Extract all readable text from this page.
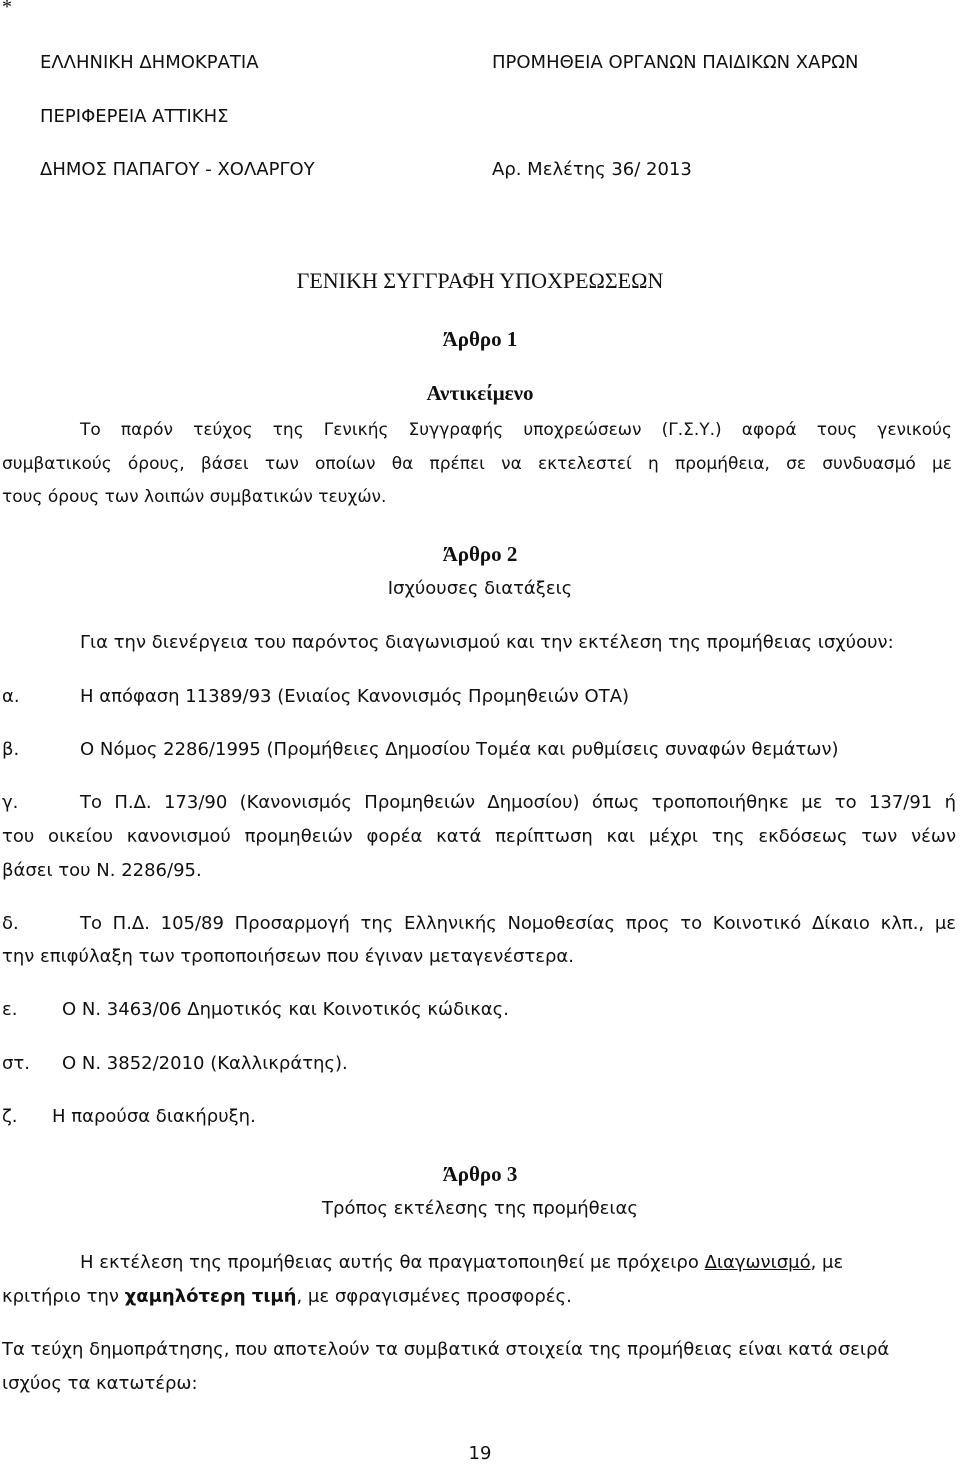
*
ΕΛΛΗΝΙΚΗ ΔΗΜΟΚΡΑΤΙΑ	ΠΡΟΜΗΘΕΙΑ ΟΡΓΑΝΩΝ ΠΑΙΔΙΚΩΝ ΧΑΡΩΝ
ΠΕΡΙΦΕΡΕΙΑ ΑΤΤΙΚΗΣ
ΔΗΜΟΣ ΠΑΠΑΓΟΥ - ΧΟΛΑΡΓΟΥ	Αρ. Μελέτης 36/ 2013
ΓΕΝΙΚΗ ΣΥΓΓΡΑΦΗ ΥΠΟΧΡΕΩΣΕΩΝ
Άρθρο 1
Αντικείμενο
Το παρόν τεύχος της Γενικής Συγγραφής υποχρεώσεων (Γ.Σ.Υ.) αφορά τους γενικούς
συμβατικούς όρους, βάσει των οποίων θα πρέπει να εκτελεστεί η προμήθεια, σε συνδυασμό με
τους όρους των λοιπών συμβατικών τευχών.
Άρθρο 2
Ισχύουσες διατάξεις
Για την διενέργεια του παρόντος διαγωνισμού και την εκτέλεση της προμήθειας ισχύουν:
α.	Η απόφαση 11389/93 (Ενιαίος Κανονισμός Προμηθειών ΟΤΑ)
β.	Ο Νόμος 2286/1995 (Προμήθειες Δημοσίου Τομέα και ρυθμίσεις συναφών θεμάτων)
γ.	Το Π.Δ. 173/90 (Κανονισμός Προμηθειών Δημοσίου) όπως τροποποιήθηκε με το 137/91 ή
του οικείου κανονισμού προμηθειών φορέα κατά περίπτωση και μέχρι της εκδόσεως των νέων
βάσει του Ν. 2286/95.
δ.	Το Π.Δ. 105/89 Προσαρμογή της Ελληνικής Νομοθεσίας προς το Κοινοτικό Δίκαιο κλπ., με
την επιφύλαξη των τροποποιήσεων που έγιναν μεταγενέστερα.
ε. Ο Ν. 3463/06 Δημοτικός και Κοινοτικός κώδικας.
στ. Ο Ν. 3852/2010 (Καλλικράτης).
ζ. Η παρούσα διακήρυξη.
Άρθρο 3
Τρόπος εκτέλεσης της προμήθειας
Η εκτέλεση της προμήθειας αυτής θα πραγματοποιηθεί με πρόχειρο Διαγωνισμό, με
κριτήριο την χαμηλότερη τιμή, με σφραγισμένες προσφορές.
Τα τεύχη δημοπράτησης, που αποτελούν τα συμβατικά στοιχεία της προμήθειας είναι κατά σειρά
ισχύος τα κατωτέρω:
19
